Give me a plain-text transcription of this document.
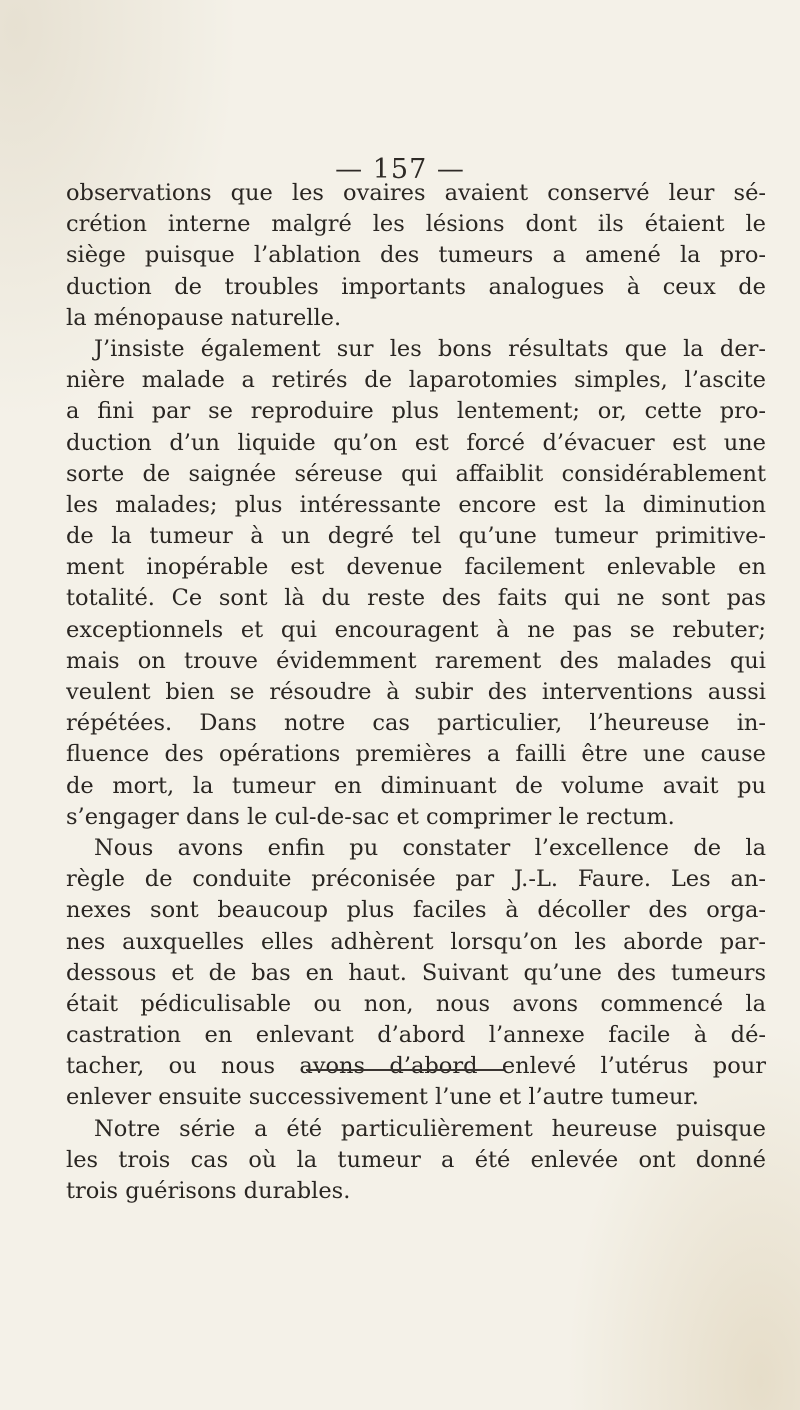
— 157 —
observations que les ovaires avaient conservé leur sé-
crétion interne malgré les lésions dont ils étaient le
siège puisque l’ablation des tumeurs a amené la pro-
duction de troubles importants analogues à ceux de
la ménopause naturelle.
J’insiste également sur les bons résultats que la der-
nière malade a retirés de laparotomies simples, l’ascite
a fini par se reproduire plus lentement; or, cette pro-
duction d’un liquide qu’on est forcé d’évacuer est une
sorte de saignée séreuse qui affaiblit considérablement
les malades; plus intéressante encore est la diminution
de la tumeur à un degré tel qu’une tumeur primitive-
ment inopérable est devenue facilement enlevable en
totalité. Ce sont là du reste des faits qui ne sont pas
exceptionnels et qui encouragent à ne pas se rebuter;
mais on trouve évidemment rarement des malades qui
veulent bien se résoudre à subir des interventions aussi
répétées. Dans notre cas particulier, l’heureuse in-
fluence des opérations premières a failli être une cause
de mort, la tumeur en diminuant de volume avait pu
s’engager dans le cul-de-sac et comprimer le rectum.
Nous avons enfin pu constater l’excellence de la
règle de conduite préconisée par J.-L. Faure. Les an-
nexes sont beaucoup plus faciles à décoller des orga-
nes auxquelles elles adhèrent lorsqu’on les aborde par-
dessous et de bas en haut. Suivant qu’une des tumeurs
était pédiculisable ou non, nous avons commencé la
castration en enlevant d’abord l’annexe facile à dé-
tacher, ou nous avons d’abord enlevé l’utérus pour
enlever ensuite successivement l’une et l’autre tumeur.
Notre série a été particulièrement heureuse puisque
les trois cas où la tumeur a été enlevée ont donné
trois guérisons durables.
